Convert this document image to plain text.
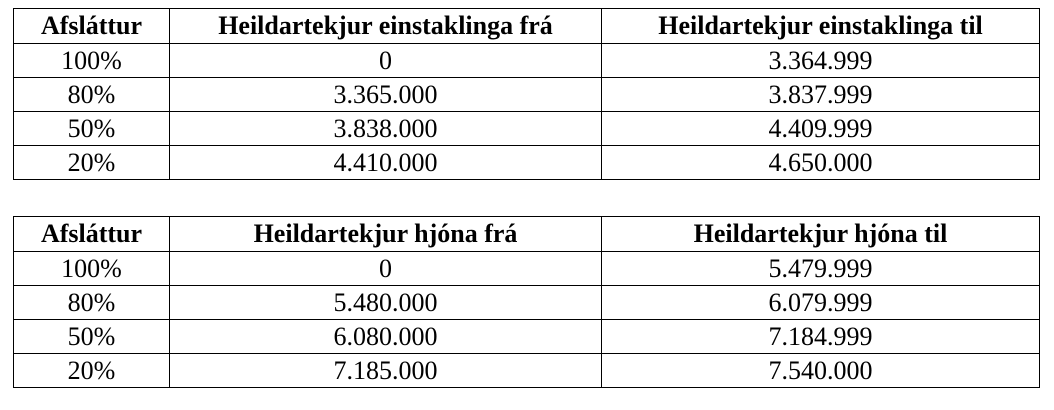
Afsláttur	Heildartekjur einstaklinga frá	Heildartekjur einstaklinga til
100%	0	3.364.999
80%	3.365.000	3.837.999
50%	3.838.000	4.409.999
20%	4.410.000	4.650.000
Afsláttur	Heildartekjur hjóna frá	Heildartekjur hjóna til
100%	0	5.479.999
80%	5.480.000	6.079.999
50%	6.080.000	7.184.999
20%	7.185.000	7.540.000
